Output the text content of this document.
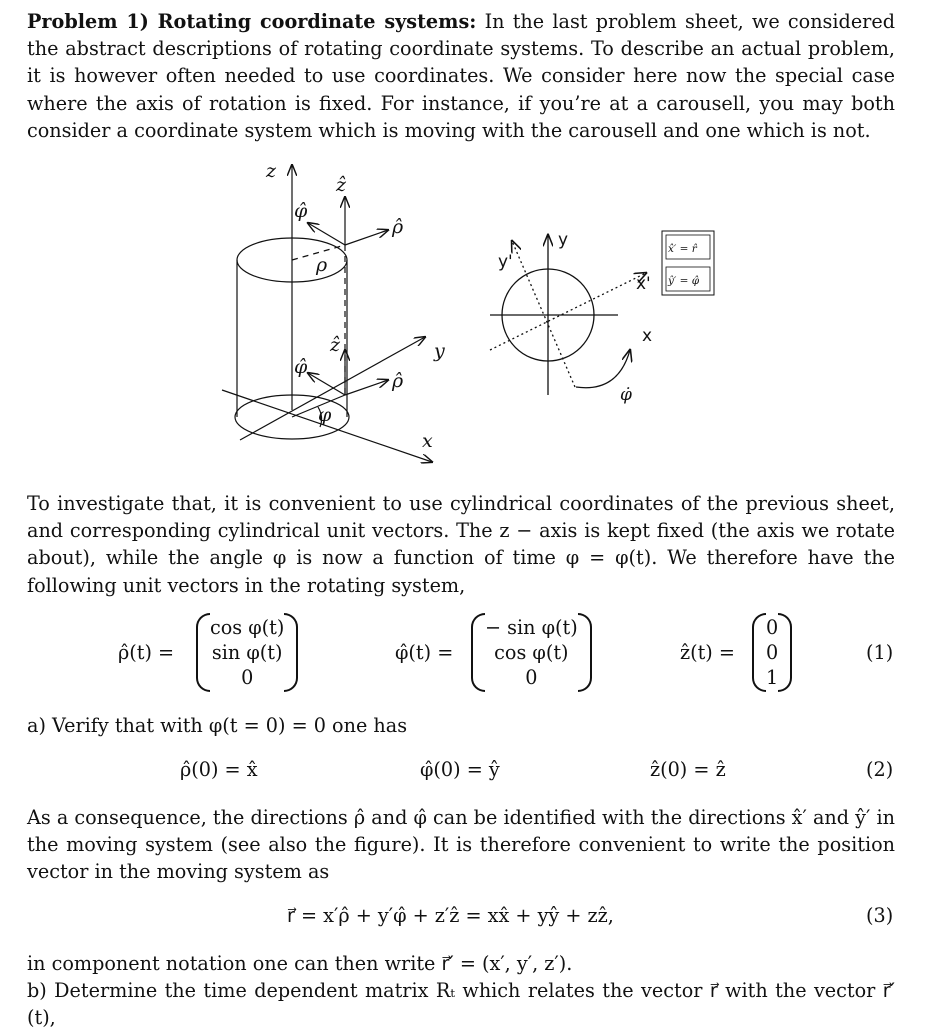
Problem 1) Rotating coordinate systems: In the last problem sheet, we considered the abstract descriptions of rotating coordinate systems. To describe an actual problem, it is however often needed to use coordinates. We consider here now the special case where the axis of rotation is fixed. For instance, if you’re at a carousell, you may both consider a coordinate system which is moving with the carousell and one which is not.

z
ẑ
φ̂
ρ̂
ρ
ẑ
φ̂
ρ̂
y
x
φ
y
y'
x'
x
φ̇
x̂′ = r̂
ŷ′ = φ̂

To investigate that, it is convenient to use cylindrical coordinates of the previous sheet, and corresponding cylindrical unit vectors. The z − axis is kept fixed (the axis we rotate about), while the angle φ is now a function of time φ = φ(t). We therefore have the following unit vectors in the rotating system,

ρ̂(t) =
cos φ(t)
sin φ(t)
0
φ̂(t) =
− sin φ(t)
cos φ(t)
0
ẑ(t) =
0
0
1
(1)

a) Verify that with φ(t = 0) = 0 one has

ρ̂(0) = x̂	φ̂(0) = ŷ	ẑ(0) = ẑ	(2)

As a consequence, the directions ρ̂ and φ̂ can be identified with the directions x̂′ and ŷ′ in the moving system (see also the figure). It is therefore convenient to write the position vector in the moving system as

r⃗ = x′ρ̂ + y′φ̂ + z′ẑ = xx̂ + yŷ + zẑ,	(3)

in component notation one can then write r⃗′ = (x′, y′, z′).
b) Determine the time dependent matrix Rₜ which relates the vector r⃗ with the vector r⃗′(t),
